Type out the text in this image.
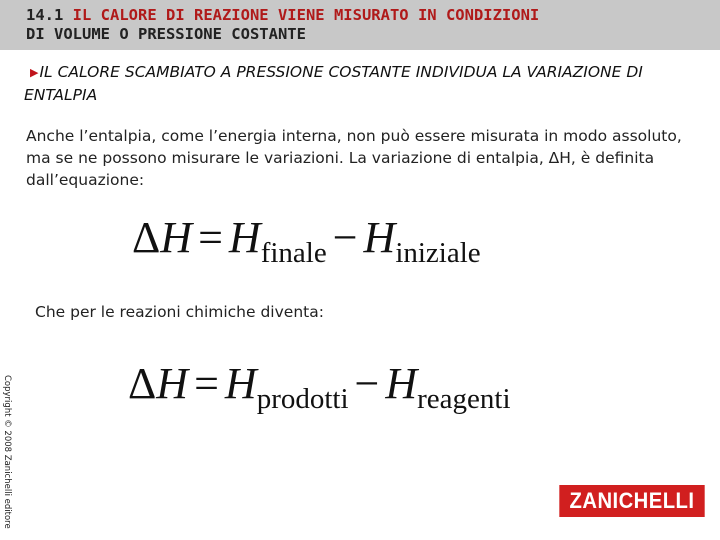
14.1 IL CALORE DI REAZIONE VIENE MISURATO IN CONDIZIONI
DI VOLUME O PRESSIONE COSTANTE
▶IL CALORE SCAMBIATO A PRESSIONE COSTANTE INDIVIDUA LA VARIAZIONE DI ENTALPIA
Anche l’entalpia, come l’energia interna, non può essere misurata in modo assoluto, ma se ne possono misurare le variazioni. La variazione di entalpia, ΔH, è definita dall’equazione:
ΔH = Hfinale − Hiniziale
Che per le reazioni chimiche diventa:
ΔH = Hprodotti − Hreagenti
Copyright © 2008 Zanichelli editore	ZANICHELLI
